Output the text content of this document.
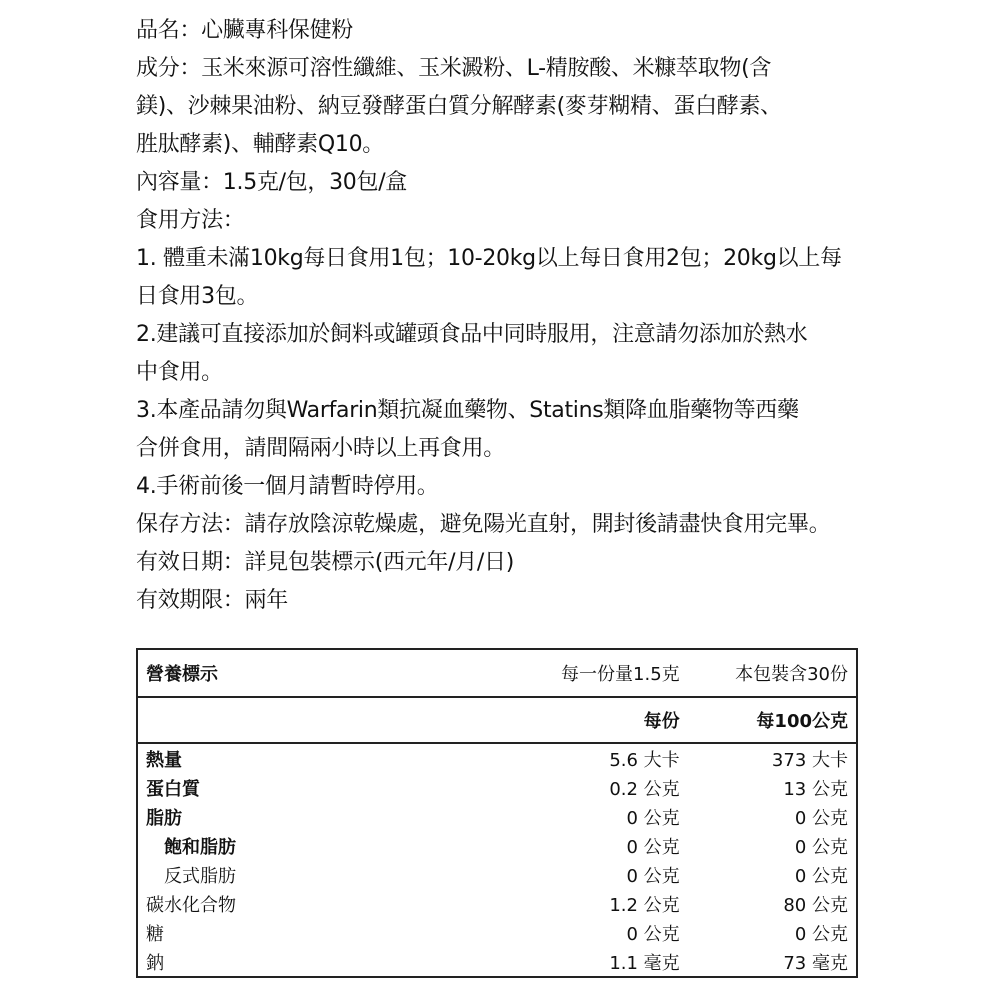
品名：心臟專科保健粉
成分：玉米來源可溶性纖維、玉米澱粉、L-精胺酸、米糠萃取物(含
鎂)、沙棘果油粉、納豆發酵蛋白質分解酵素(麥芽糊精、蛋白酵素、
胜肽酵素)、輔酵素Q10。
內容量：1.5克/包，30包/盒
食用方法：
1. 體重未滿10kg每日食用1包；10-20kg以上每日食用2包；20kg以上每
日食用3包。
2.建議可直接添加於飼料或罐頭食品中同時服用，注意請勿添加於熱水
中食用。
3.本產品請勿與Warfarin類抗凝血藥物、Statins類降血脂藥物等西藥
合併食用，請間隔兩小時以上再食用。
4.手術前後一個月請暫時停用。
保存方法：請存放陰涼乾燥處，避免陽光直射，開封後請盡快食用完畢。
有效日期：詳見包裝標示(西元年/月/日)
有效期限：兩年
營養標示	每一份量1.5克	本包裝含30份
	每份	每100公克
熱量	5.6 大卡	373 大卡
蛋白質	0.2 公克	13 公克
脂肪	0 公克	0 公克
飽和脂肪	0 公克	0 公克
反式脂肪	0 公克	0 公克
碳水化合物	1.2 公克	80 公克
糖	0 公克	0 公克
鈉	1.1 毫克	73 毫克
